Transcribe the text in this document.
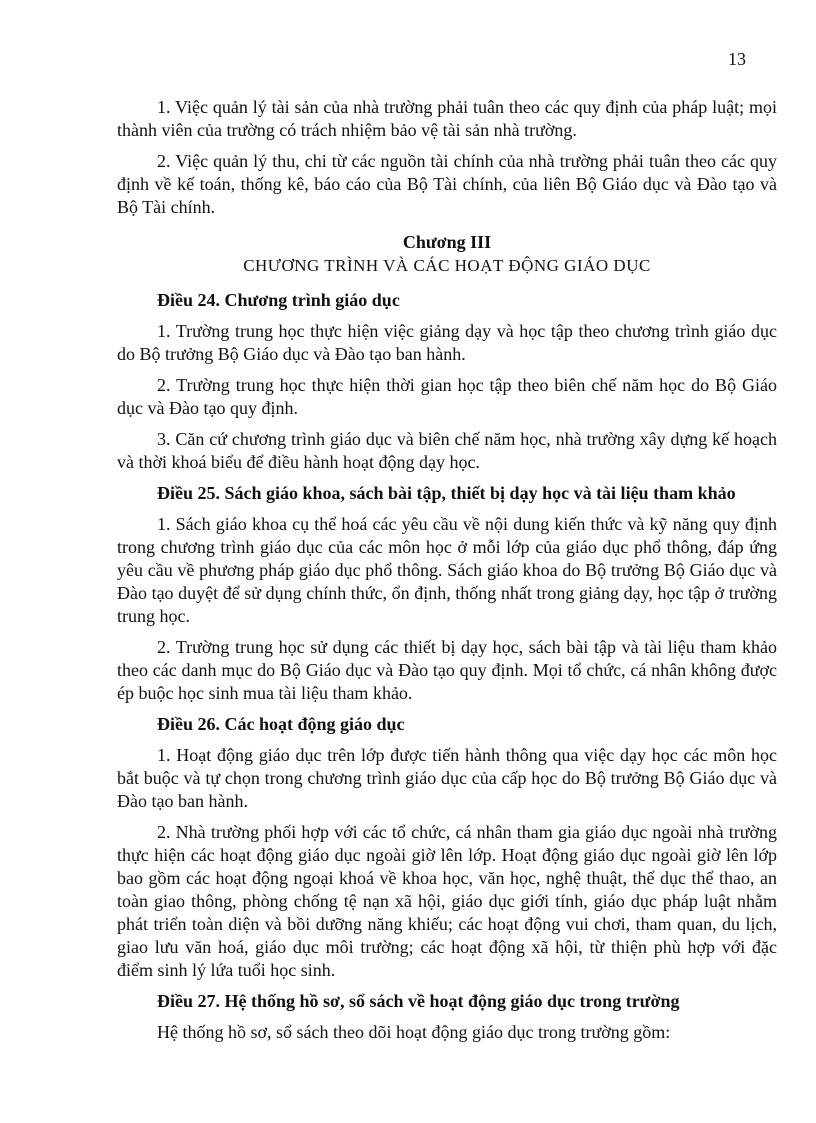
13

1. Việc quản lý tài sản của nhà trường phải tuân theo các quy định của pháp luật; mọi thành viên của trường có trách nhiệm bảo vệ tài sản nhà trường.

2. Việc quản lý thu, chi từ các nguồn tài chính của nhà trường phải tuân theo các quy định về kế toán, thống kê, báo cáo của Bộ Tài chính, của liên Bộ Giáo dục và Đào tạo và Bộ Tài chính.

Chương III
CHƯƠNG TRÌNH VÀ CÁC HOẠT ĐỘNG GIÁO DỤC

Điều 24. Chương trình giáo dục

1. Trường trung học thực hiện việc giảng dạy và học tập theo chương trình giáo dục do Bộ trưởng Bộ Giáo dục và Đào tạo ban hành.

2. Trường trung học thực hiện thời gian học tập theo biên chế năm học do Bộ Giáo dục và Đào tạo quy định.

3. Căn cứ chương trình giáo dục và biên chế năm học, nhà trường xây dựng kế hoạch và thời khoá biểu để điều hành hoạt động dạy học.

Điều 25. Sách giáo khoa, sách bài tập, thiết bị dạy học và tài liệu tham khảo

1. Sách giáo khoa cụ thể hoá các yêu cầu về nội dung kiến thức và kỹ năng quy định trong chương trình giáo dục của các môn học ở mỗi lớp của giáo dục phổ thông, đáp ứng yêu cầu về phương pháp giáo dục phổ thông. Sách giáo khoa do Bộ trưởng Bộ Giáo dục và Đào tạo duyệt để sử dụng chính thức, ổn định, thống nhất trong giảng dạy, học tập ở trường trung học.

2. Trường trung học sử dụng các thiết bị dạy học, sách bài tập và tài liệu tham khảo theo các danh mục do Bộ Giáo dục và Đào tạo quy định. Mọi tổ chức, cá nhân không được ép buộc học sinh mua tài liệu tham khảo.

Điều 26. Các hoạt động giáo dục

1. Hoạt động giáo dục trên lớp được tiến hành thông qua việc dạy học các môn học bắt buộc và tự chọn trong chương trình giáo dục của cấp học do Bộ trưởng Bộ Giáo dục và Đào tạo ban hành.

2. Nhà trường phối hợp với các tổ chức, cá nhân tham gia giáo dục ngoài nhà trường thực hiện các hoạt động giáo dục ngoài giờ lên lớp. Hoạt động giáo dục ngoài giờ lên lớp bao gồm các hoạt động ngoại khoá về khoa học, văn học, nghệ thuật, thể dục thể thao, an toàn giao thông, phòng chống tệ nạn xã hội, giáo dục giới tính, giáo dục pháp luật nhằm phát triển toàn diện và bồi dưỡng năng khiếu; các hoạt động vui chơi, tham quan, du lịch, giao lưu văn hoá, giáo dục môi trường; các hoạt động xã hội, từ thiện phù hợp với đặc điểm sinh lý lứa tuổi học sinh.

Điều 27. Hệ thống hồ sơ, sổ sách về hoạt động giáo dục trong trường

Hệ thống hồ sơ, sổ sách theo dõi hoạt động giáo dục trong trường gồm:
